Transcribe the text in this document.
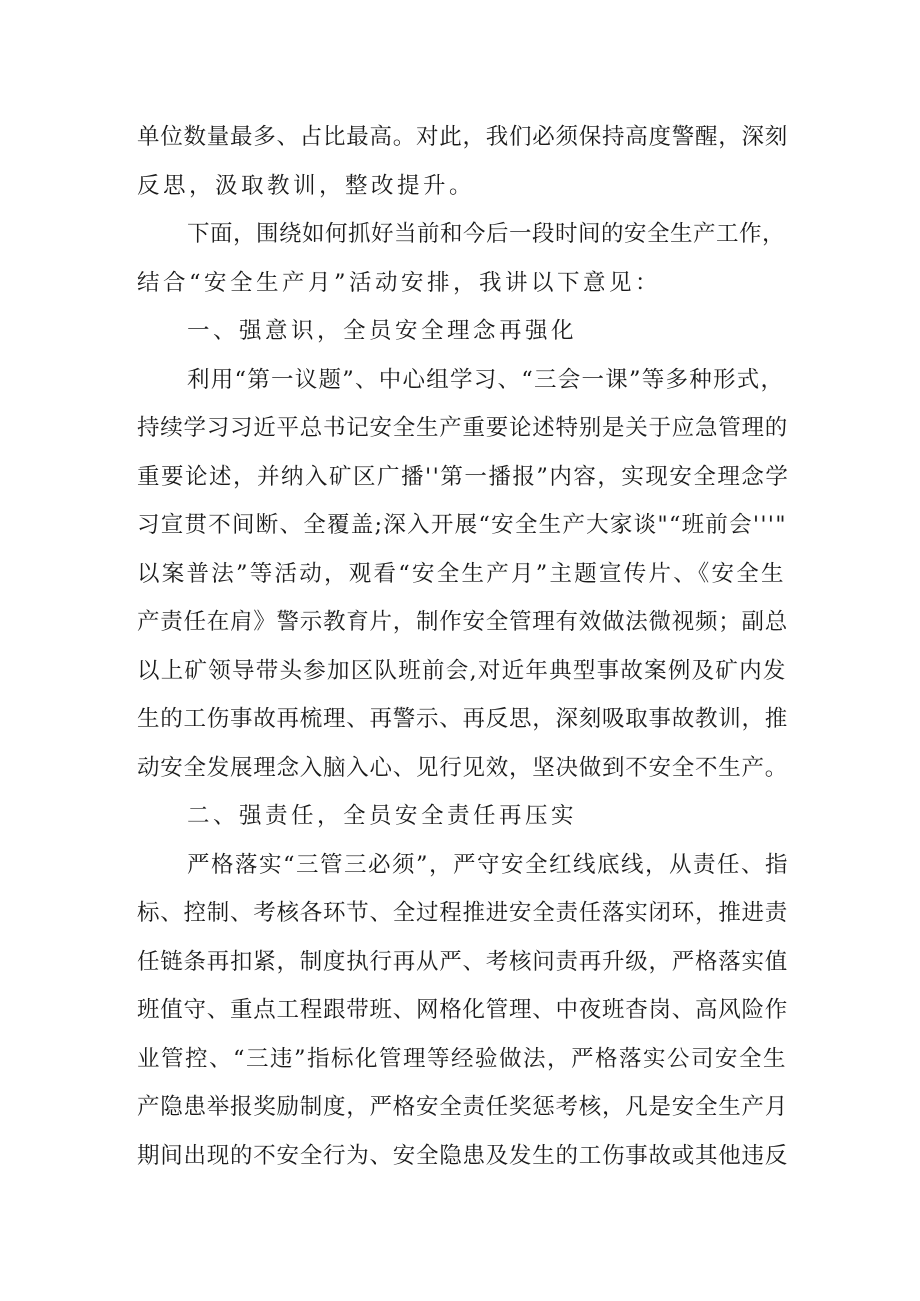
单位数量最多、占比最高。对此，我们必须保持高度警醒，深刻
反思，汲取教训，整改提升。
下面，围绕如何抓好当前和今后一段时间的安全生产工作，
结合“安全生产月”活动安排，我讲以下意见：
一、强意识，全员安全理念再强化
利用“第一议题”、中心组学习、“三会一课”等多种形式，
持续学习习近平总书记安全生产重要论述特别是关于应急管理的
重要论述，并纳入矿区广播''第一播报”内容，实现安全理念学
习宣贯不间断、全覆盖;深入开展“安全生产大家谈"“班前会'''"
以案普法”等活动，观看“安全生产月”主题宣传片、《安全生
产责任在肩》警示教育片，制作安全管理有效做法微视频；副总
以上矿领导带头参加区队班前会,对近年典型事故案例及矿内发
生的工伤事故再梳理、再警示、再反思，深刻吸取事故教训，推
动安全发展理念入脑入心、见行见效，坚决做到不安全不生产。
二、强责任，全员安全责任再压实
严格落实“三管三必须”，严守安全红线底线，从责任、指
标、控制、考核各环节、全过程推进安全责任落实闭环，推进责
任链条再扣紧，制度执行再从严、考核问责再升级，严格落实值
班值守、重点工程跟带班、网格化管理、中夜班杳岗、高风险作
业管控、“三违”指标化管理等经验做法，严格落实公司安全生
产隐患举报奖励制度，严格安全责任奖惩考核，凡是安全生产月
期间出现的不安全行为、安全隐患及发生的工伤事故或其他违反
